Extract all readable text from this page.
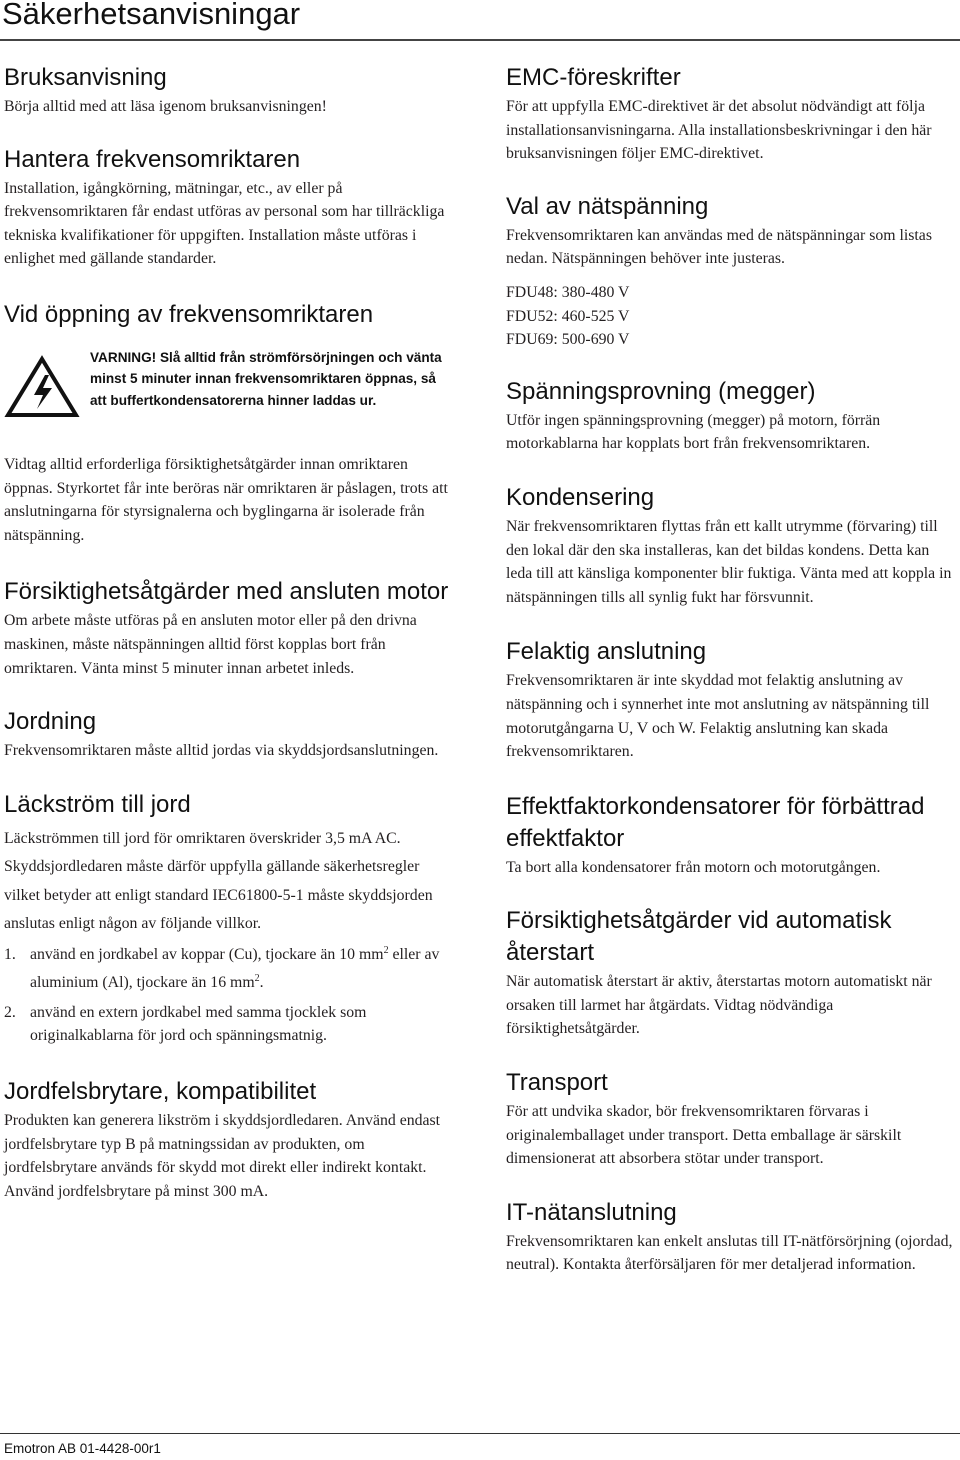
Säkerhetsanvisningar
Bruksanvisning

Börja alltid med att läsa igenom bruksanvisningen!

Hantera frekvensomriktaren

Installation, igångkörning, mätningar, etc., av eller på frekvensomriktaren får endast utföras av personal som har tillräckliga tekniska kvalifikationer för uppgiften. Installation måste utföras i enlighet med gällande standarder.

Vid öppning av frekvensomriktaren
VARNING! Slå alltid från strömförsörjningen och vänta minst 5 minuter innan frekvensomriktaren öppnas, så att buffertkondensatorerna hinner laddas ur.

Vidtag alltid erforderliga försiktighetsåtgärder innan omriktaren öppnas. Styrkortet får inte beröras när omriktaren är påslagen, trots att anslutningarna för styrsignalerna och byglingarna är isolerade från nätspänning.

Försiktighetsåtgärder med ansluten motor

Om arbete måste utföras på en ansluten motor eller på den drivna maskinen, måste nätspänningen alltid först kopplas bort från omriktaren. Vänta minst 5 minuter innan arbetet inleds.

Jordning

Frekvensomriktaren måste alltid jordas via skyddsjordsanslutningen.

Läckström till jord

Läckströmmen till jord för omriktaren överskrider 3,5 mA AC. Skyddsjordledaren måste därför uppfylla gällande säkerhetsregler vilket betyder att enligt standard IEC61800-5-1 måste skyddsjorden anslutas enligt någon av följande villkor.

1. använd en jordkabel av koppar (Cu), tjockare än 10 $mm^2$ eller av aluminium (Al), tjockare än 16 $mm^2$.
2. använd en extern jordkabel med samma tjocklek som originalkablarna för jord och spänningsmatnig.
Jordfelsbrytare, kompatibilitet

Produkten kan generera likström i skyddsjordledaren. Använd endast jordfelsbrytare typ B på matningssidan av produkten, om jordfelsbrytare används för skydd mot direkt eller indirekt kontakt. Använd jordfelsbrytare på minst 300 mA.

EMC-föreskrifter

För att uppfylla EMC-direktivet är det absolut nödvändigt att följa installationsanvisningarna. Alla installationsbeskrivningar i den här bruksanvisningen följer EMC-direktivet.

Val av nätspänning

Frekvensomriktaren kan användas med de nätspänningar som listas nedan. Nätspänningen behöver inte justeras.

FDU48: 380-480 V

FDU52: 460-525 V

FDU69: 500-690 V

Spänningsprovning (megger)

Utför ingen spänningsprovning (megger) på motorn, förrän motorkablarna har kopplats bort från frekvensomriktaren.

Kondensering

När frekvensomriktaren flyttas från ett kallt utrymme (förvaring) till den lokal där den ska installeras, kan det bildas kondens. Detta kan leda till att känsliga komponenter blir fuktiga. Vänta med att koppla in nätspänningen tills all synlig fukt har försvunnit.

Felaktig anslutning

Frekvensomriktaren är inte skyddad mot felaktig anslutning av nätspänning och i synnerhet inte mot anslutning av nätspänning till motorutgångarna U, V och W. Felaktig anslutning kan skada frekvensomriktaren.

Effektfaktorkondensatorer för förbättrad effektfaktor

Ta bort alla kondensatorer från motorn och motorutgången.

Försiktighetsåtgärder vid automatisk återstart

När automatisk återstart är aktiv, återstartas motorn automatiskt när orsaken till larmet har åtgärdats. Vidtag nödvändiga försiktighetsåtgärder.

Transport

För att undvika skador, bör frekvensomriktaren förvaras i originalemballaget under transport. Detta emballage är särskilt dimensionerat att absorbera stötar under transport.

IT-nätanslutning

Frekvensomriktaren kan enkelt anslutas till IT-nätförsörjning (ojordad, neutral). Kontakta återförsäljaren för mer detaljerad information.

Emotron AB 01-4428-00r1
